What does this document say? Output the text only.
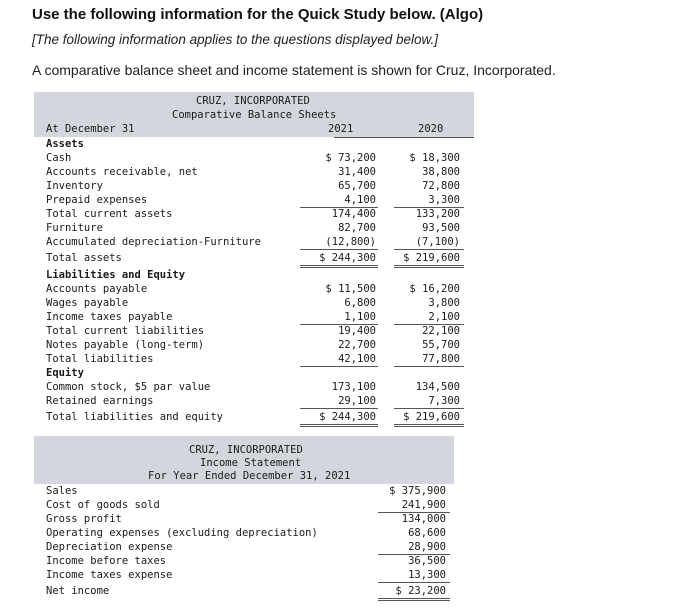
Use the following information for the Quick Study below. (Algo)
[The following information applies to the questions displayed below.]
A comparative balance sheet and income statement is shown for Cruz, Incorporated.
CRUZ, INCORPORATED
Comparative Balance Sheets
At December 31	2021	2020
Assets
Cash	$ 73,200	$ 18,300
Accounts receivable, net	31,400	38,800
Inventory	65,700	72,800
Prepaid expenses	4,100	3,300
Total current assets	174,400	133,200
Furniture	82,700	93,500
Accumulated depreciation-Furniture	(12,800)	(7,100)
Total assets	$ 244,300	$ 219,600
Liabilities and Equity
Accounts payable	$ 11,500	$ 16,200
Wages payable	6,800	3,800
Income taxes payable	1,100	2,100
Total current liabilities	19,400	22,100
Notes payable (long-term)	22,700	55,700
Total liabilities	42,100	77,800
Equity
Common stock, $5 par value	173,100	134,500
Retained earnings	29,100	7,300
Total liabilities and equity	$ 244,300	$ 219,600
CRUZ, INCORPORATED
Income Statement
For Year Ended December 31, 2021
Sales	$ 375,900
Cost of goods sold	241,900
Gross profit	134,000
Operating expenses (excluding depreciation)	68,600
Depreciation expense	28,900
Income before taxes	36,500
Income taxes expense	13,300
Net income	$ 23,200
